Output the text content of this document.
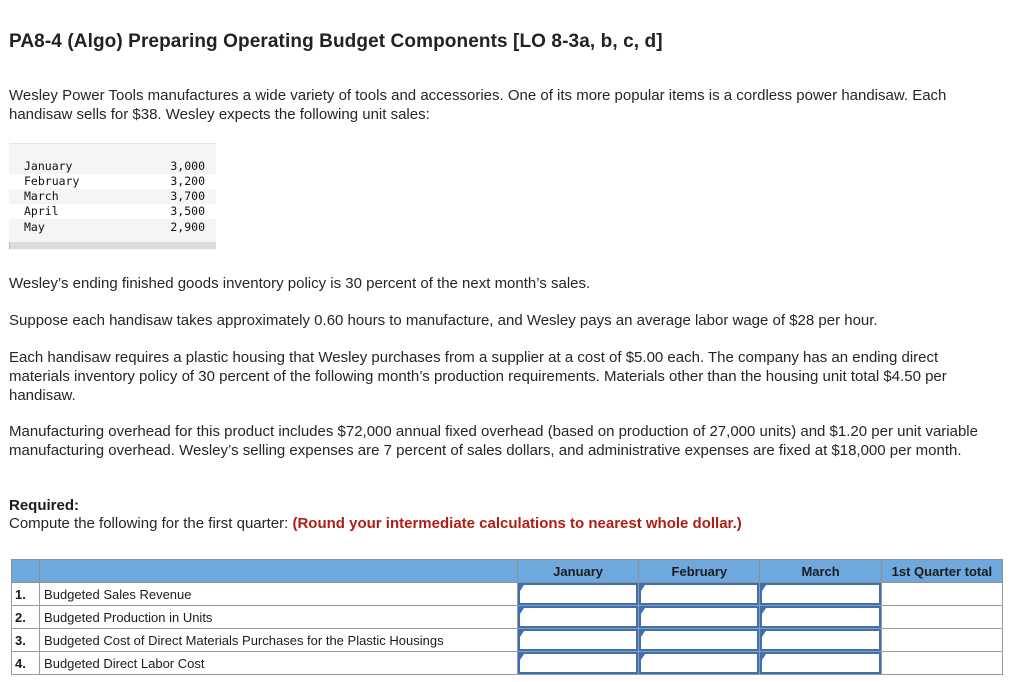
PA8-4 (Algo) Preparing Operating Budget Components [LO 8-3a, b, c, d]
Wesley Power Tools manufactures a wide variety of tools and accessories. One of its more popular items is a cordless power handisaw. Each handisaw sells for $38. Wesley expects the following unit sales:
January	3,000
February	3,200
March	3,700
April	3,500
May	2,900
Wesley’s ending finished goods inventory policy is 30 percent of the next month’s sales.
Suppose each handisaw takes approximately 0.60 hours to manufacture, and Wesley pays an average labor wage of $28 per hour.
Each handisaw requires a plastic housing that Wesley purchases from a supplier at a cost of $5.00 each. The company has an ending direct materials inventory policy of 30 percent of the following month’s production requirements. Materials other than the housing unit total $4.50 per handisaw.
Manufacturing overhead for this product includes $72,000 annual fixed overhead (based on production of 27,000 units) and $1.20 per unit variable manufacturing overhead. Wesley’s selling expenses are 7 percent of sales dollars, and administrative expenses are fixed at $18,000 per month.
Required:
Compute the following for the first quarter: (Round your intermediate calculations to nearest whole dollar.)
		January	February	March	1st Quarter total
1.	Budgeted Sales Revenue	

2.	Budgeted Production in Units	

3.	Budgeted Cost of Direct Materials Purchases for the Plastic Housings	

4.	Budgeted Direct Labor Cost	
